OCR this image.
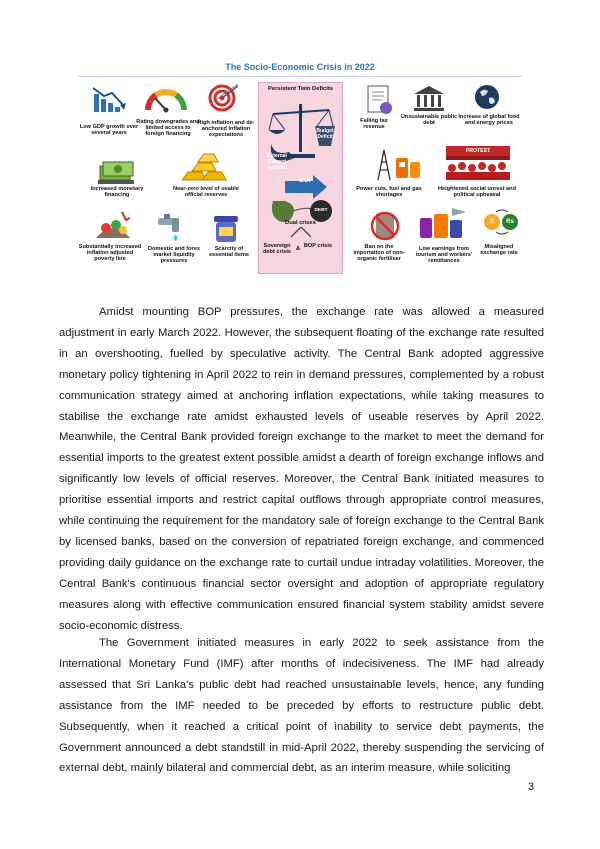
The Socio-Economic Crisis in 2022
Low GDP growth over several years
Rating downgrades and limited access to foreign financing
High inflation and de-anchored inflation expectations
Increased monetary financing
Near-zero level of usable official reserves
Substantially increased inflation adjusted poverty line
Domestic and forex market liquidity pressures
Scarcity of essential items
Persistent Twin Deficits
Budget Deficit
External Current Account
BOP
DEBT
Dual crises
Sovereign debt crisis
& BOP crisis
Falling tax revenue
Unsustainable public debt
Increase of global food and energy prices
Power cuts, fuel and gas shortages
PROTEST
Heightened social unrest and political upheaval
Ban on the importation of non-organic fertiliser
Low earnings from tourism and workers' remittances
$	Rs
Misaligned exchange rate

Amidst mounting BOP pressures, the exchange rate was allowed a measured adjustment in early March 2022. However, the subsequent floating of the exchange rate resulted in an overshooting, fuelled by speculative activity. The Central Bank adopted aggressive monetary policy tightening in April 2022 to rein in demand pressures, complemented by a robust communication strategy aimed at anchoring inflation expectations, while taking measures to stabilise the exchange rate amidst exhausted levels of useable reserves by April 2022. Meanwhile, the Central Bank provided foreign exchange to the market to meet the demand for essential imports to the greatest extent possible amidst a dearth of foreign exchange inflows and significantly low levels of official reserves. Moreover, the Central Bank initiated measures to prioritise essential imports and restrict capital outflows through appropriate control measures, while continuing the requirement for the mandatory sale of foreign exchange to the Central Bank by licensed banks, based on the conversion of repatriated foreign exchange, and commenced providing daily guidance on the exchange rate to curtail undue intraday volatilities. Moreover, the Central Bank's continuous financial sector oversight and adoption of appropriate regulatory measures along with effective communication ensured financial system stability amidst severe socio-economic distress.

The Government initiated measures in early 2022 to seek assistance from the International Monetary Fund (IMF) after months of indecisiveness. The IMF had already assessed that Sri Lanka's public debt had reached unsustainable levels, hence, any funding assistance from the IMF needed to be preceded by efforts to restructure public debt. Subsequently, when it reached a critical point of inability to service debt payments, the Government announced a debt standstill in mid-April 2022, thereby suspending the servicing of external debt, mainly bilateral and commercial debt, as an interim measure, while soliciting

3
